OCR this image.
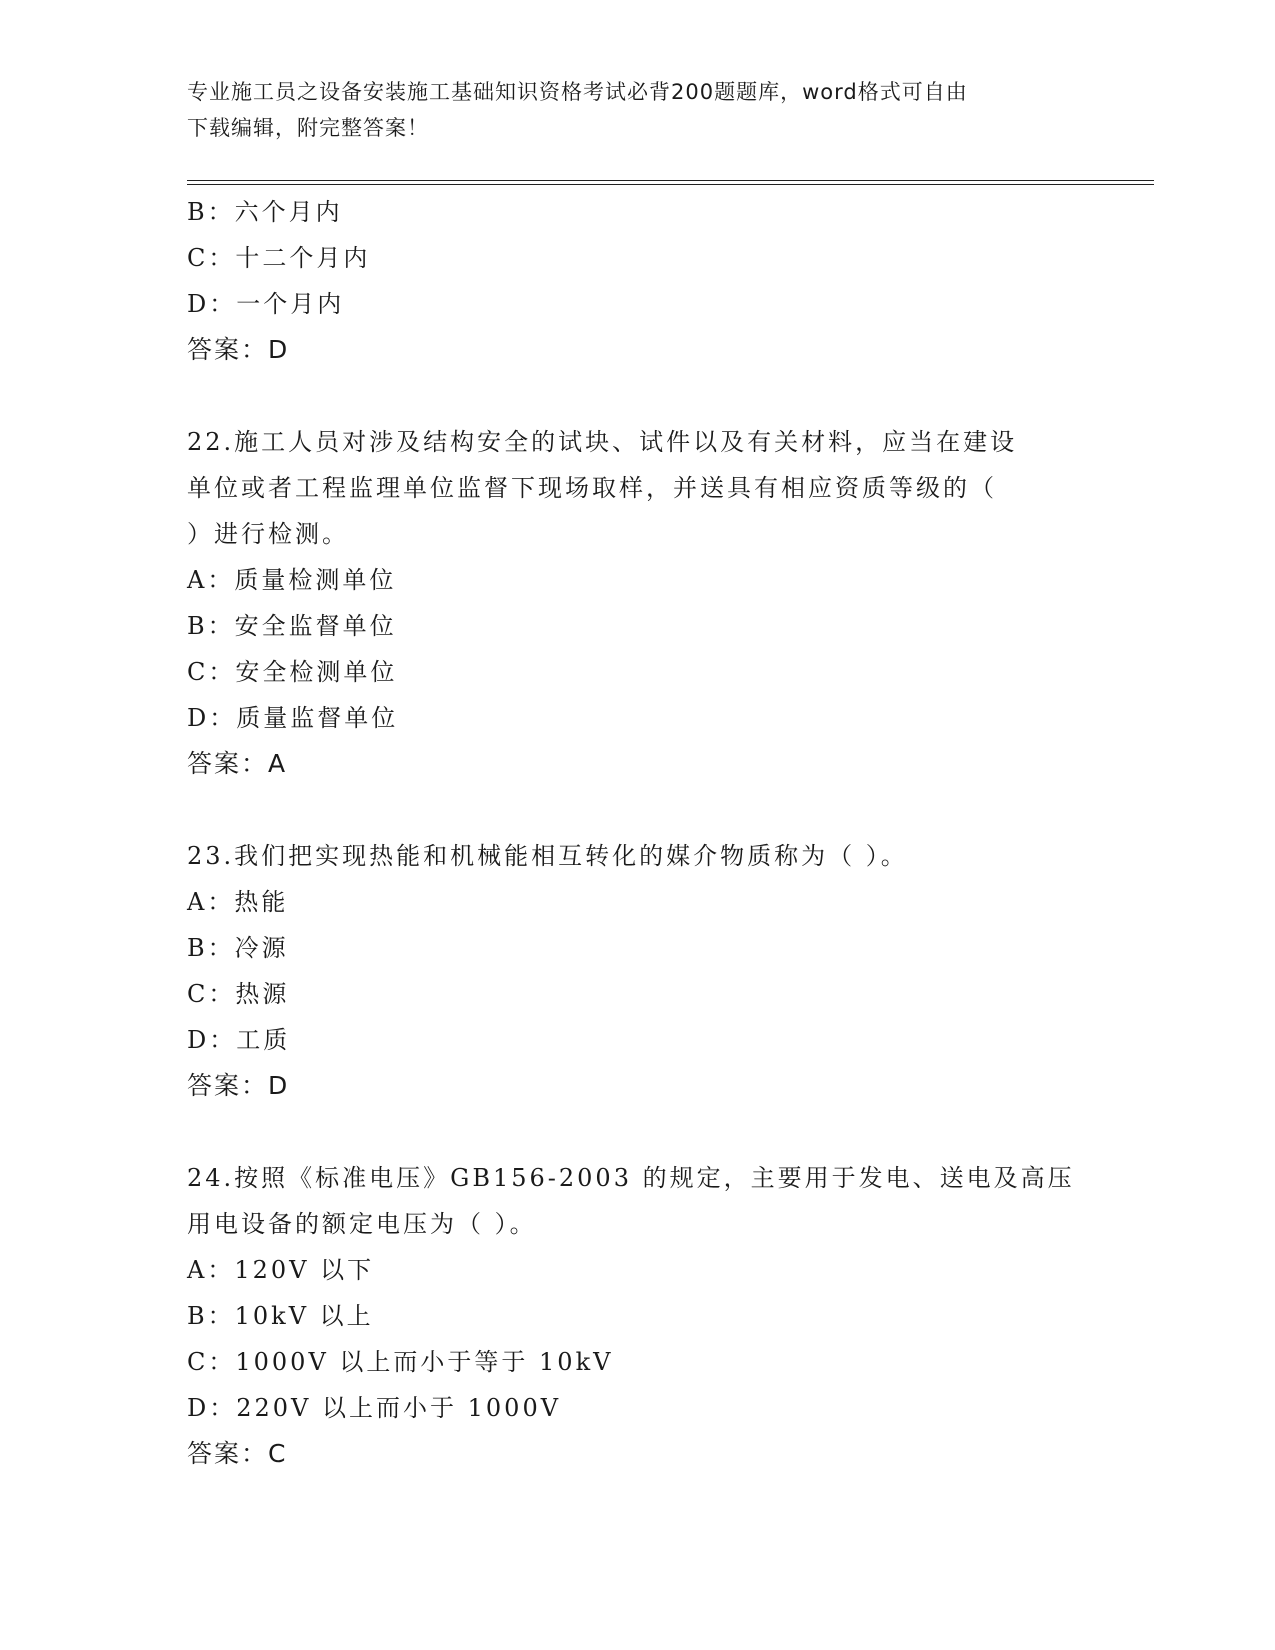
专业施工员之设备安装施工基础知识资格考试必背200题题库，word格式可自由
下载编辑，附完整答案！
B：六个月内
C：十二个月内
D：一个月内
答案：D
22.施工人员对涉及结构安全的试块、试件以及有关材料，应当在建设
单位或者工程监理单位监督下现场取样，并送具有相应资质等级的（
）进行检测。
A：质量检测单位
B：安全监督单位
C：安全检测单位
D：质量监督单位
答案：A
23.我们把实现热能和机械能相互转化的媒介物质称为（ ）。
A：热能
B：冷源
C：热源
D：工质
答案：D
24.按照《标准电压》GB156-2003 的规定，主要用于发电、送电及高压
用电设备的额定电压为（ ）。
A：120V 以下
B：10kV 以上
C：1000V 以上而小于等于 10kV
D：220V 以上而小于 1000V
答案：C
